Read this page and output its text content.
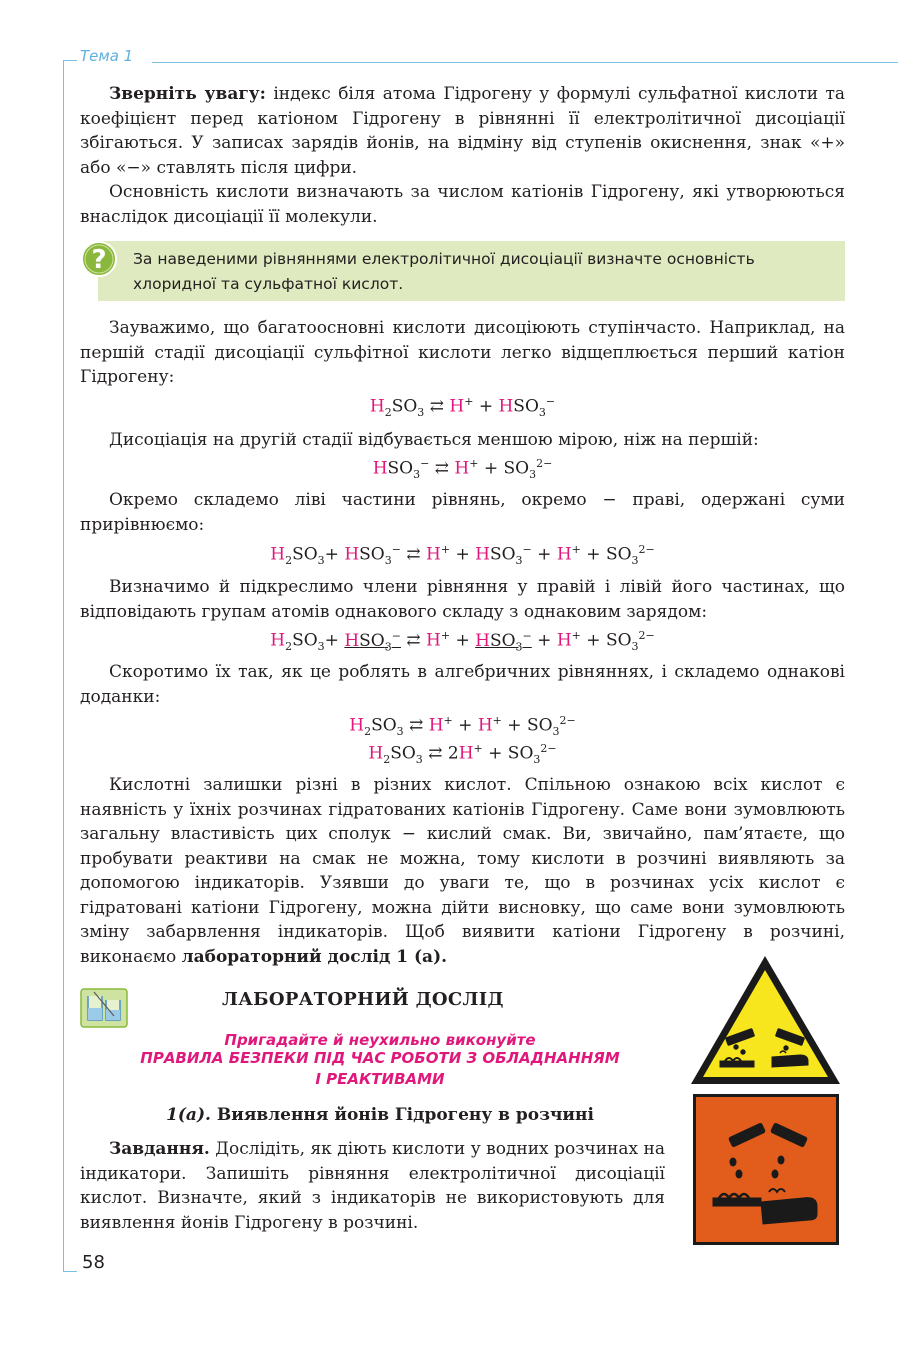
Тема 1
58

Зверніть увагу: індекс біля атома Гідрогену у формулі сульфатної кислоти та коефіцієнт перед катіоном Гідрогену в рівнянні її електролітичної дисоціації збігаються. У записах зарядів йонів, на відміну від ступенів окиснення, знак «+» або «−» ставлять після цифри.

Основність кислоти визначають за числом катіонів Гідрогену, які утворюються внаслідок дисоціації її молекули.

? За наведеними рівняннями електролітичної дисоціації визначте основність хлоридної та сульфатної кислот.

Зауважимо, що багатоосновні кислоти дисоціюють ступінчасто. Наприклад, на першій стадії дисоціації сульфітної кислоти легко відщеплюється перший катіон Гідрогену:

$H_2SO_3$ ⇄ $H^+ + HSO_3^-$

Дисоціація на другій стадії відбувається меншою мірою, ніж на першій:

$HSO_3^-$ ⇄ $H^+ + SO_3^{2-}$

Окремо складемо ліві частини рівнянь, окремо − праві, одержані суми прирівнюємо:

$H_2SO_3+ HSO_3^-$ ⇄ $H^+ + HSO_3^- + H^+ + SO_3^{2-}$

Визначимо й підкреслимо члени рівняння у правій і лівій його частинах, що відповідають групам атомів однакового складу з однаковим зарядом:

$H_2SO_3+ HSO_3^-$ ⇄ $H^+ + HSO_3^- + H^+ + SO_3^{2-}$

Скоротимо їх так, як це роблять в алгебричних рівняннях, і складемо однакові доданки:

$H_2SO_3$ ⇄ $H^+ + H^+ + SO_3^{2-}$
$H_2SO_3$ ⇄ $2H^+ + SO_3^{2-}$

Кислотні залишки різні в різних кислот. Спільною ознакою всіх кислот є наявність у їхніх розчинах гідратованих катіонів Гідрогену. Саме вони зумовлюють загальну властивість цих сполук − кислий смак. Ви, звичайно, пам’ятаєте, що пробувати реактиви на смак не можна, тому кислоти в розчині виявляють за допомогою індикаторів. Узявши до уваги те, що в розчинах усіх кислот є гідратовані катіони Гідрогену, можна дійти висновку, що саме вони зумовлюють зміну забарвлення індикаторів. Щоб виявити катіони Гідрогену в розчині, виконаємо лабораторний дослід 1 (а).

ЛАБОРАТОРНИЙ ДОСЛІД
Пригадайте й неухильно виконуйте
ПРАВИЛА БЕЗПЕКИ ПІД ЧАС РОБОТИ З ОБЛАДНАННЯМ
І РЕАКТИВАМИ
1(а). Виявлення йонів Гідрогену в розчині

Завдання. Дослідіть, як діють кислоти у водних розчинах на індикатори. Запишіть рівняння електролітичної дисоціації кислот. Визначте, який з індикаторів не використовують для виявлення йонів Гідрогену в розчині.
